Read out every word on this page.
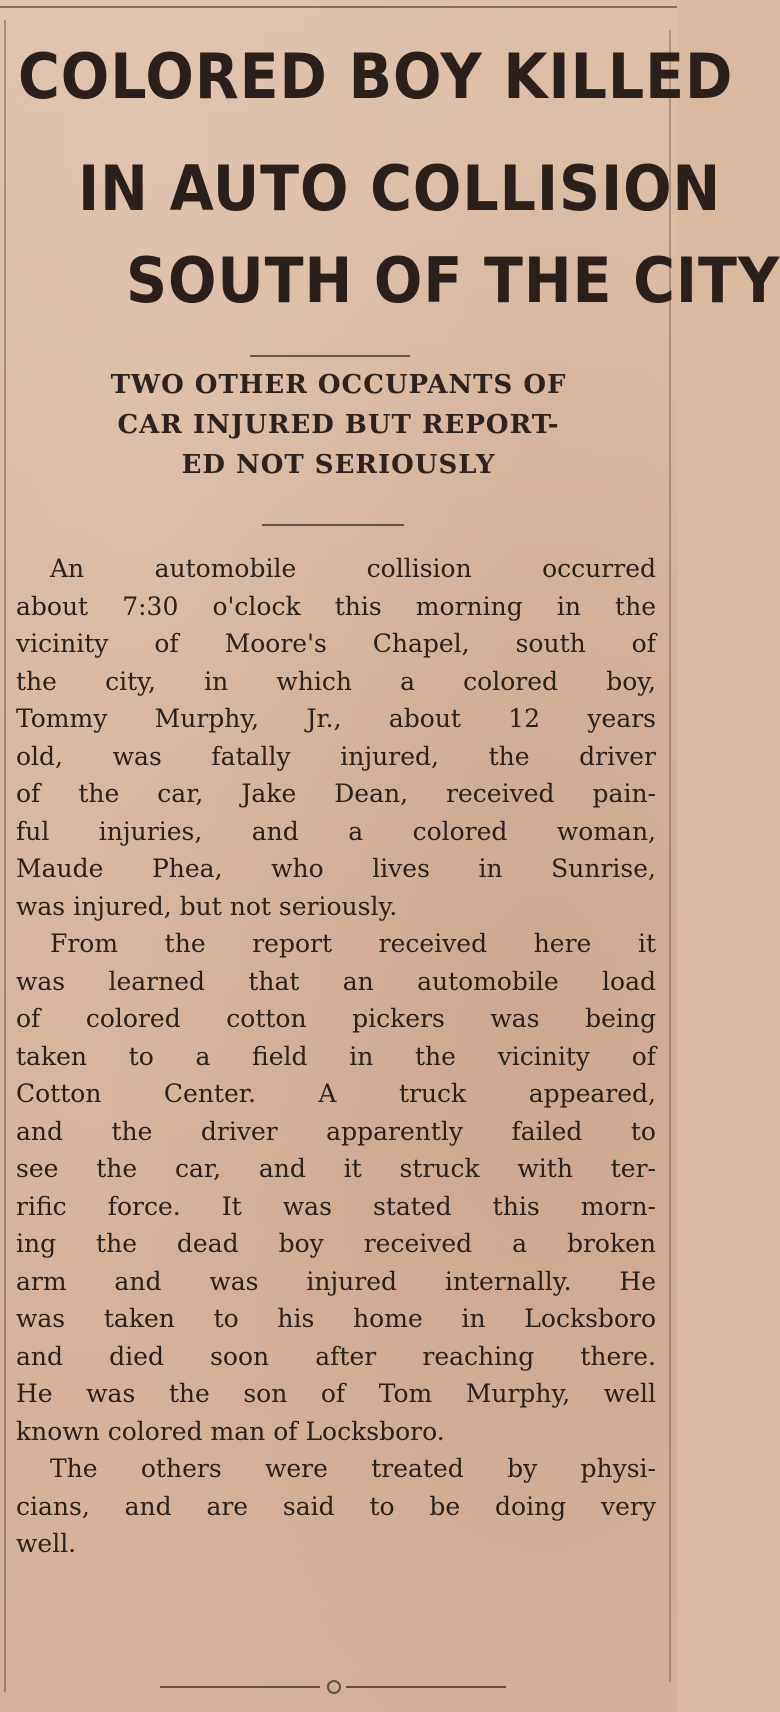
COLORED BOY KILLED
IN AUTO COLLISION
SOUTH OF THE CITY
TWO OTHER OCCUPANTS OF
CAR INJURED BUT REPORT-
ED NOT SERIOUSLY
An automobile collision occurred
about 7:30 o'clock this morning in the
vicinity of Moore's Chapel, south of
the city, in which a colored boy,
Tommy Murphy, Jr., about 12 years
old, was fatally injured, the driver
of the car, Jake Dean, received pain-
ful injuries, and a colored woman,
Maude Phea, who lives in Sunrise,
was injured, but not seriously.
From the report received here it
was learned that an automobile load
of colored cotton pickers was being
taken to a field in the vicinity of
Cotton Center. A truck appeared,
and the driver apparently failed to
see the car, and it struck with ter-
rific force. It was stated this morn-
ing the dead boy received a broken
arm and was injured internally. He
was taken to his home in Locksboro
and died soon after reaching there.
He was the son of Tom Murphy, well
known colored man of Locksboro.
The others were treated by physi-
cians, and are said to be doing very
well.
